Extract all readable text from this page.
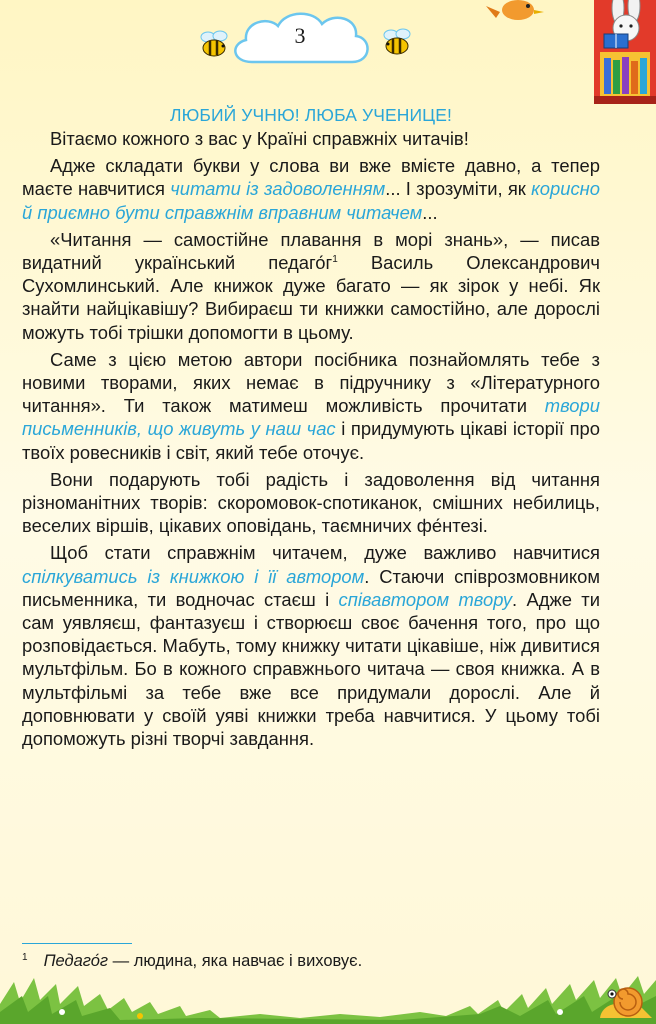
3
ЛЮБИЙ УЧНЮ! ЛЮБА УЧЕНИЦЕ!

Вітаємо кожного з вас у Країні справжніх читачів!

Адже складати букви у слова ви вже вмієте давно, а тепер маєте навчитися читати із задоволенням... І зрозуміти, як корисно й приємно бути справжнім вправним читачем...

«Читання — самостійне плавання в морі знань», — писав видатний український $педаго́г^1$ Василь Олександрович Сухомлинський. Але книжок дуже багато — як зірок у небі. Як знайти найцікавішу? Вибираєш ти книжки самостійно, але дорослі можуть тобі трішки допомогти в цьому.

Саме з цією метою автори посібника познайомлять тебе з новими творами, яких немає в підручнику з «Літературного читання». Ти також матимеш можливість прочитати твори письменників, що живуть у наш час і придумують цікаві історії про твоїх ровесників і світ, який тебе оточує.

Вони подарують тобі радість і задоволення від читання різноманітних творів: скоромовок-спотиканок, смішних небилиць, веселих віршів, цікавих оповідань, таємничих фе́нтезі.

Щоб стати справжнім читачем, дуже важливо навчитися спілкуватись із книжкою і її автором. Стаючи співрозмовником письменника, ти водночас стаєш і співавтором твору. Адже ти сам уявляєш, фантазуєш і створюєш своє бачення того, про що розповідається. Мабуть, тому книжку читати цікавіше, ніж дивитися мультфільм. Бо в кожного справжнього читача — своя книжка. А в мультфільмі за тебе вже все придумали дорослі. Але й доповнювати у своїй уяві книжки треба навчитися. У цьому тобі допоможуть різні творчі завдання.

$^1$ Педаго́г — людина, яка навчає і виховує.
